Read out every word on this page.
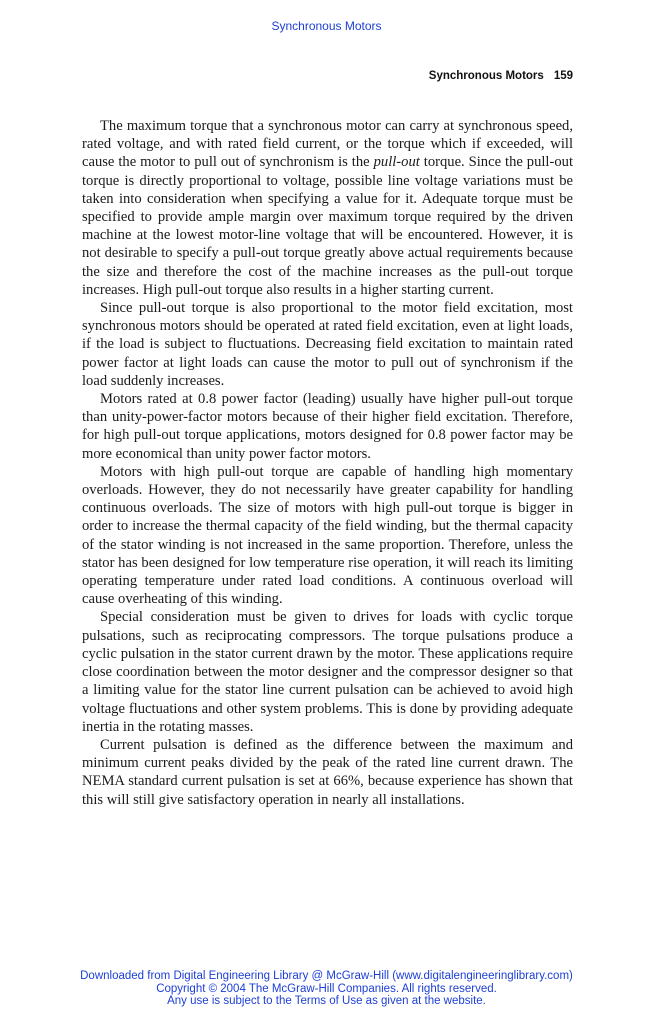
Synchronous Motors
Synchronous Motors 159

The maximum torque that a synchronous motor can carry at synchronous speed, rated voltage, and with rated field current, or the torque which if exceeded, will cause the motor to pull out of synchronism is the pull-out torque. Since the pull-out torque is directly proportional to voltage, possible line voltage variations must be taken into consideration when specifying a value for it. Adequate torque must be specified to provide ample margin over maximum torque required by the driven machine at the lowest motor-line voltage that will be encountered. However, it is not desirable to specify a pull-out torque greatly above actual requirements because the size and therefore the cost of the machine increases as the pull-out torque increases. High pull-out torque also results in a higher starting current.

Since pull-out torque is also proportional to the motor field excitation, most synchronous motors should be operated at rated field excitation, even at light loads, if the load is subject to fluctuations. Decreasing field excitation to maintain rated power factor at light loads can cause the motor to pull out of synchronism if the load suddenly increases.

Motors rated at 0.8 power factor (leading) usually have higher pull-out torque than unity-power-factor motors because of their higher field excitation. Therefore, for high pull-out torque applications, motors designed for 0.8 power factor may be more economical than unity power factor motors.

Motors with high pull-out torque are capable of handling high momentary overloads. However, they do not necessarily have greater capability for handling continuous overloads. The size of motors with high pull-out torque is bigger in order to increase the thermal capacity of the field winding, but the thermal capacity of the stator winding is not increased in the same proportion. Therefore, unless the stator has been designed for low temperature rise operation, it will reach its limiting operating temperature under rated load conditions. A continuous overload will cause overheating of this winding.

Special consideration must be given to drives for loads with cyclic torque pulsations, such as reciprocating compressors. The torque pulsations produce a cyclic pulsation in the stator current drawn by the motor. These applications require close coordination between the motor designer and the compressor designer so that a limiting value for the stator line current pulsation can be achieved to avoid high voltage fluctuations and other system problems. This is done by providing adequate inertia in the rotating masses.

Current pulsation is defined as the difference between the maximum and minimum current peaks divided by the peak of the rated line current drawn. The NEMA standard current pulsation is set at 66%, because experience has shown that this will still give satisfactory operation in nearly all installations.

Downloaded from Digital Engineering Library @ McGraw-Hill (www.digitalengineeringlibrary.com)
Copyright © 2004 The McGraw-Hill Companies. All rights reserved.
Any use is subject to the Terms of Use as given at the website.
